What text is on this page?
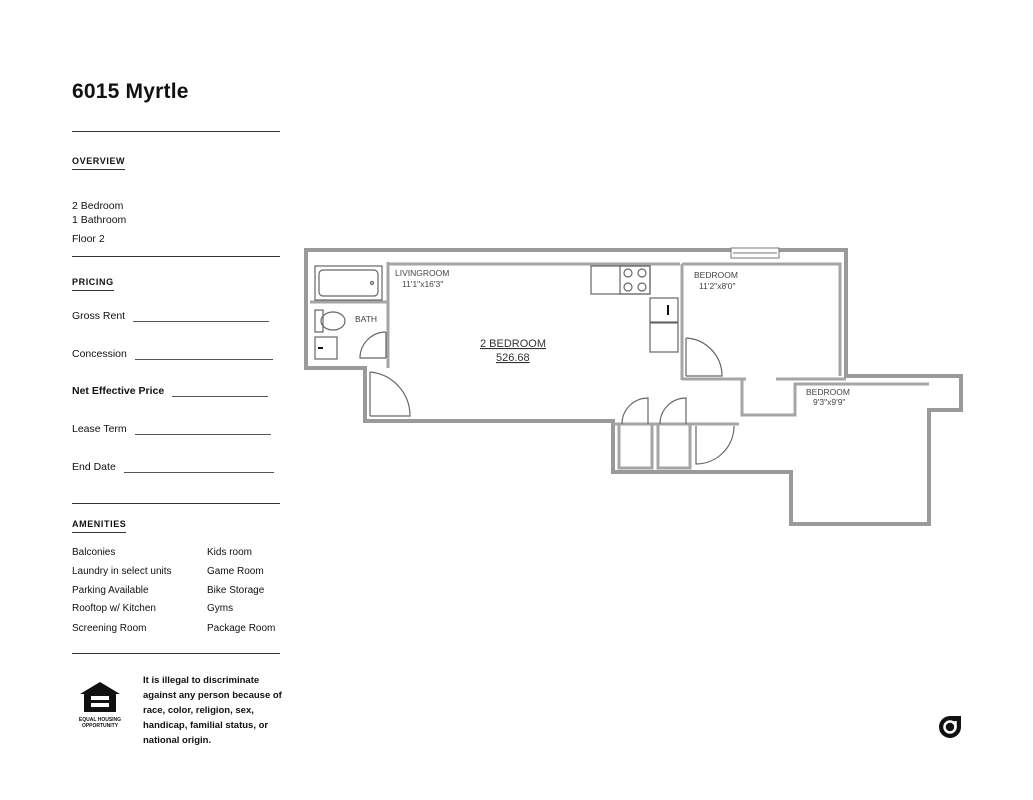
6015 Myrtle
OVERVIEW
2 Bedroom
1 Bathroom
Floor 2
PRICING
Gross Rent
Concession
Net Effective Price
Lease Term
End Date
AMENITIES
Balconies
Laundry in select units
Parking Available
Rooftop w/ Kitchen
Screening Room
Kids room
Game Room
Bike Storage
Gyms
Package Room
EQUAL HOUSING OPPORTUNITY
It is illegal to discriminate against any person because of race, color, religion, sex, handicap, familial status, or national origin.
LIVINGROOM
11'1"x16'3"
BATH
2 BEDROOM
526.68
BEDROOM
11'2"x8'0"
BEDROOM
9'3"x9'9"
